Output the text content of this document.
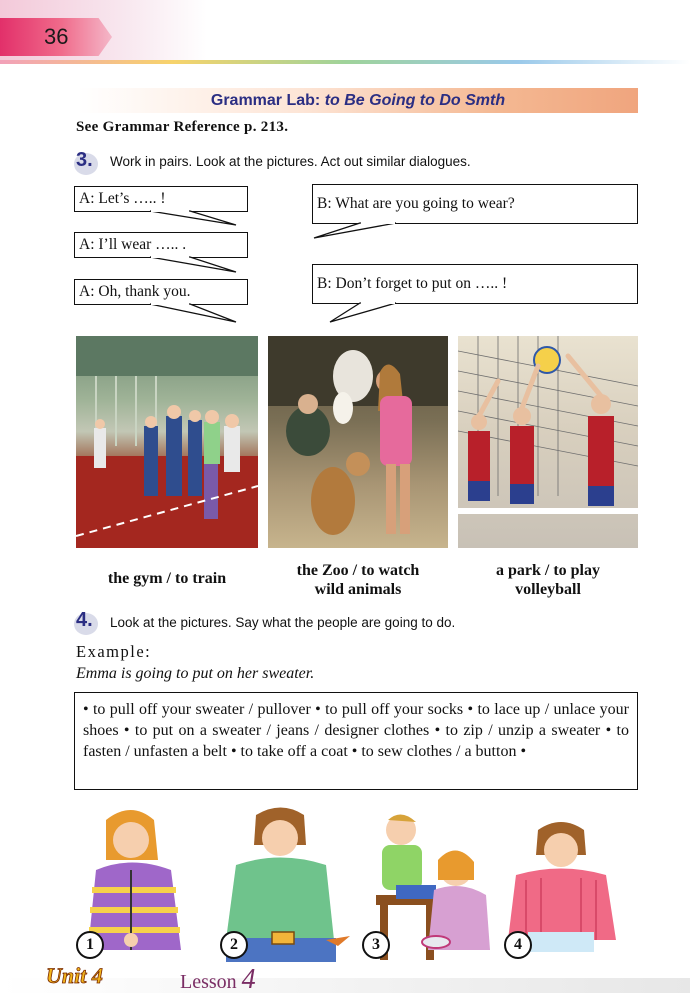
36
Grammar Lab: to Be Going to Do Smth
See Grammar Reference p. 213.
3. Work in pairs. Look at the pictures. Act out similar dialogues.
A: Let’s ….. !
A: I’ll wear ….. .
A: Oh, thank you.
B: What are you going to wear?
B: Don’t forget to put on ….. !
the gym / to train	the Zoo / to watch
wild animals
a park / to play
volleyball
4. Look at the pictures. Say what the people are going to do.
Example:
Emma is going to put on her sweater.
• to pull off your sweater / pullover • to pull off your socks • to lace up / unlace your shoes • to put on a sweater / jeans / designer clothes • to zip / unzip a sweater • to fasten / unfasten a belt • to take off a coat • to sew clothes / a button •
1	2	3	4
Unit 4	Lesson 4
